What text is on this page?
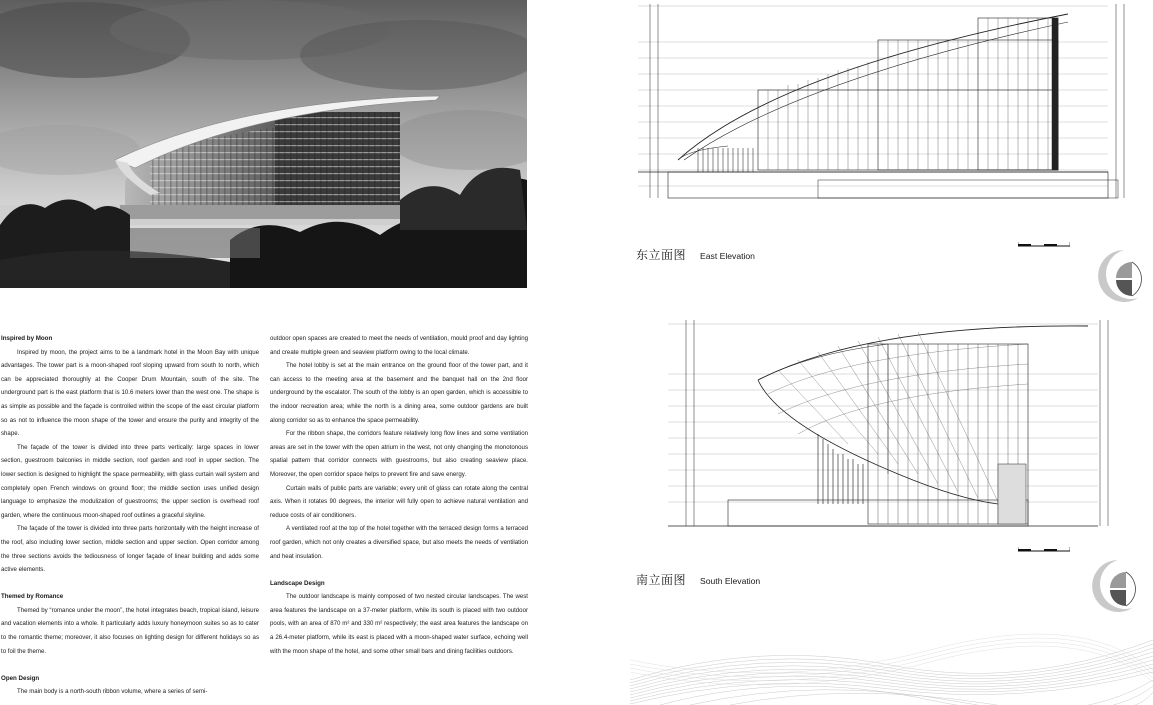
Inspired by Moon

Inspired by moon, the project aims to be a landmark hotel in the Moon Bay with unique advantages. The tower part is a moon-shaped roof sloping upward from south to north, which can be appreciated thoroughly at the Cooper Drum Mountain, south of the site. The underground part is the east platform that is 10.6 meters lower than the west one. The shape is as simple as possible and the façade is controlled within the scope of the east circular platform so as not to influence the moon shape of the tower and ensure the purity and integrity of the shape.

The façade of the tower is divided into three parts vertically: large spaces in lower section, guestroom balconies in middle section, roof garden and roof in upper section. The lower section is designed to highlight the space permeability, with glass curtain wall system and completely open French windows on ground floor; the middle section uses unified design language to emphasize the modulization of guestrooms; the upper section is overhead roof garden, where the continuous moon-shaped roof outlines a graceful skyline.

The façade of the tower is divided into three parts horizontally with the height increase of the roof, also including lower section, middle section and upper section. Open corridor among the three sections avoids the tediousness of longer façade of linear building and adds some active elements.

Themed by Romance

Themed by “romance under the moon”, the hotel integrates beach, tropical island, leisure and vacation elements into a whole. It particularly adds luxury honeymoon suites so as to cater to the romantic theme; moreover, it also focuses on lighting design for different holidays so as to foil the theme.

Open Design

The main body is a north-south ribbon volume, where a series of semi-

outdoor open spaces are created to meet the needs of ventilation, mould proof and day lighting and create multiple green and seaview platform owing to the local climate.

The hotel lobby is set at the main entrance on the ground floor of the tower part, and it can access to the meeting area at the basement and the banquet hall on the 2nd floor underground by the escalator. The south of the lobby is an open garden, which is accessible to the indoor recreation area; while the north is a dining area, some outdoor gardens are built along corridor so as to enhance the space permeability.

For the ribbon shape, the corridors feature relatively long flow lines and some ventilation areas are set in the tower with the open atrium in the west, not only changing the monotonous spatial pattern that corridor connects with guestrooms, but also creating seaview place. Moreover, the open corridor space helps to prevent fire and save energy.

Curtain walls of public parts are variable; every unit of glass can rotate along the central axis. When it rotates 90 degrees, the interior will fully open to achieve natural ventilation and reduce costs of air conditioners.

A ventilated roof at the top of the hotel together with the terraced design forms a terraced roof garden, which not only creates a diversified space, but also meets the needs of ventilation and heat insulation.

Landscape Design

The outdoor landscape is mainly composed of two nested circular landscapes. The west area features the landscape on a 37-meter platform, while its south is placed with two outdoor pools, with an area of 870 m² and 330 m² respectively; the east area features the landscape on a 26.4-meter platform, while its east is placed with a moon-shaped water surface, echoing well with the moon shape of the hotel, and some other small bars and dining facilities outdoors.

东立面图 East Elevation
南立面图 South Elevation
